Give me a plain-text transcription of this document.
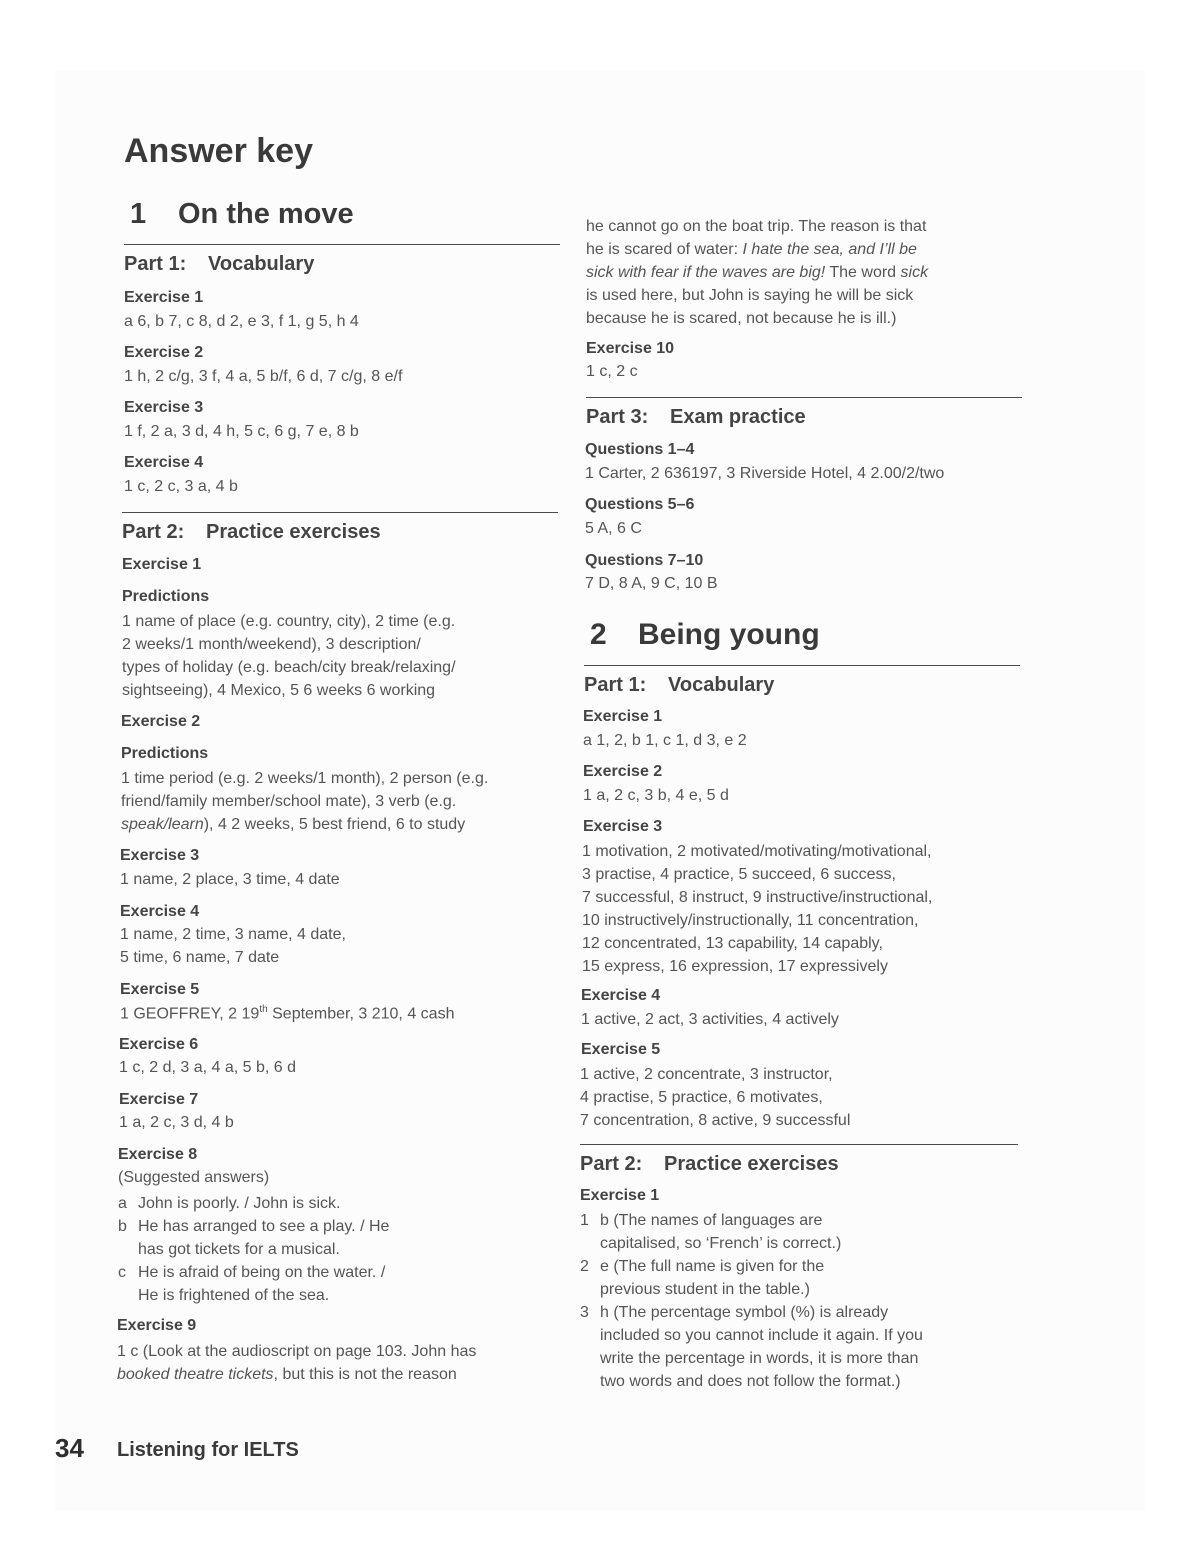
Answer key
1 On the move
Part 1: Vocabulary
Exercise 1
a 6, b 7, c 8, d 2, e 3, f 1, g 5, h 4
Exercise 2
1 h, 2 c/g, 3 f, 4 a, 5 b/f, 6 d, 7 c/g, 8 e/f
Exercise 3
1 f, 2 a, 3 d, 4 h, 5 c, 6 g, 7 e, 8 b
Exercise 4
1 c, 2 c, 3 a, 4 b
Part 2: Practice exercises
Exercise 1
Predictions

1 name of place (e.g. country, city), 2 time (e.g.

2 weeks/1 month/weekend), 3 description/

types of holiday (e.g. beach/city break/relaxing/

sightseeing), 4 Mexico, 5 6 weeks 6 working

Exercise 2
Predictions

1 time period (e.g. 2 weeks/1 month), 2 person (e.g.

friend/family member/school mate), 3 verb (e.g.

speak/learn), 4 2 weeks, 5 best friend, 6 to study

Exercise 3
1 name, 2 place, 3 time, 4 date
Exercise 4
1 name, 2 time, 3 name, 4 date,
5 time, 6 name, 7 date
Exercise 5
1 GEOFFREY, 2 19th September, 3 210, 4 cash
Exercise 6
1 c, 2 d, 3 a, 4 a, 5 b, 6 d
Exercise 7
1 a, 2 c, 3 d, 4 b
Exercise 8
(Suggested answers)
a John is poorly. / John is sick.
b He has arranged to see a play. / He
has got tickets for a musical.
c He is afraid of being on the water. /
He is frightened of the sea.
Exercise 9

1 c (Look at the audioscript on page 103. John has

booked theatre tickets, but this is not the reason

he cannot go on the boat trip. The reason is that

he is scared of water: I hate the sea, and I’ll be

sick with fear if the waves are big! The word sick

is used here, but John is saying he will be sick

because he is scared, not because he is ill.)

Exercise 10
1 c, 2 c
Part 3: Exam practice
Questions 1–4
1 Carter, 2 636197, 3 Riverside Hotel, 4 2.00/2/two
Questions 5–6
5 A, 6 C
Questions 7–10
7 D, 8 A, 9 C, 10 B
2 Being young
Part 1: Vocabulary
Exercise 1
a 1, 2, b 1, c 1, d 3, e 2
Exercise 2
1 a, 2 c, 3 b, 4 e, 5 d
Exercise 3

1 motivation, 2 motivated/motivating/motivational,

3 practise, 4 practice, 5 succeed, 6 success,

7 successful, 8 instruct, 9 instructive/instructional,

10 instructively/instructionally, 11 concentration,

12 concentrated, 13 capability, 14 capably,

15 express, 16 expression, 17 expressively

Exercise 4
1 active, 2 act, 3 activities, 4 actively
Exercise 5

1 active, 2 concentrate, 3 instructor,

4 practise, 5 practice, 6 motivates,

7 concentration, 8 active, 9 successful

Part 2: Practice exercises
Exercise 1
1 b (The names of languages are
capitalised, so ‘French’ is correct.)
2 e (The full name is given for the
previous student in the table.)
3 h (The percentage symbol (%) is already
included so you cannot include it again. If you
write the percentage in words, it is more than
two words and does not follow the format.)
34 Listening for IELTS
